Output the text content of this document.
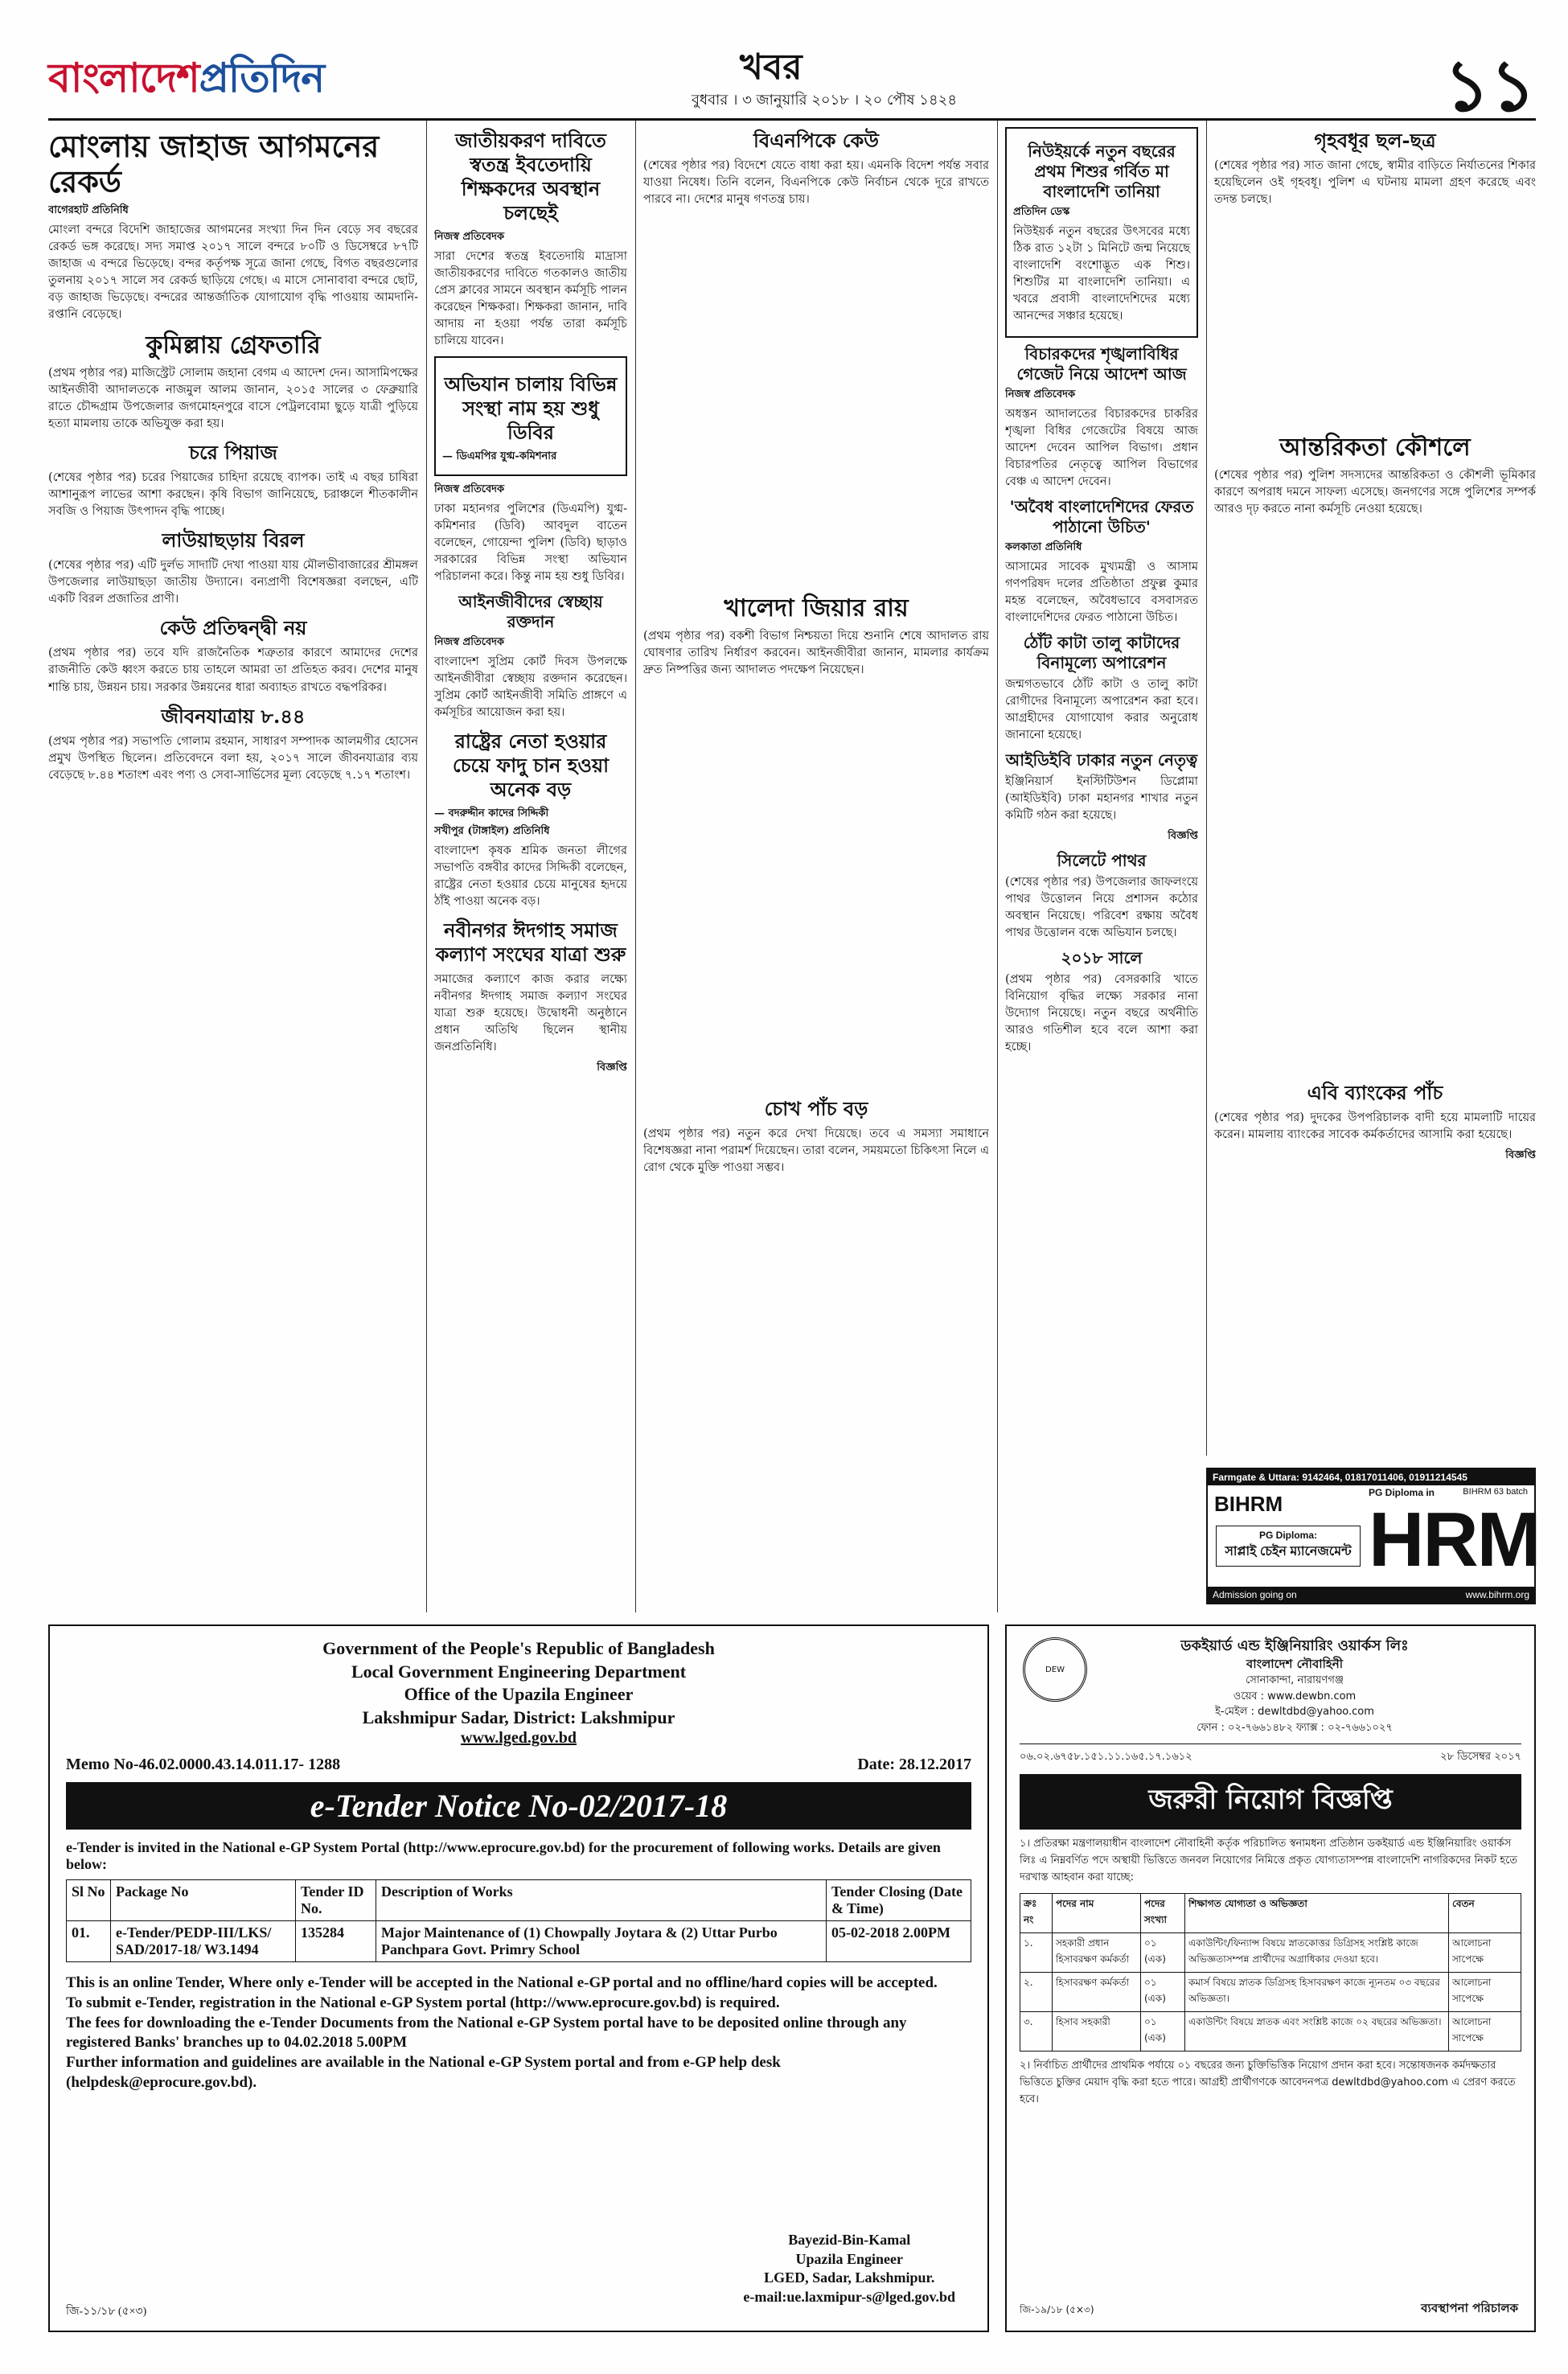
বাংলাদেশপ্রতিদিন	খবর
বুধবার । ৩ জানুয়ারি ২০১৮ । ২০ পৌষ ১৪২৪	১১
মোংলায় জাহাজ আগমনের রেকর্ড
বাগেরহাট প্রতিনিধি

মোংলা বন্দরে বিদেশি জাহাজের আগমনের সংখ্যা দিন দিন বেড়ে সব বছরের রেকর্ড ভঙ্গ করেছে। সদ্য সমাপ্ত ২০১৭ সালে বন্দরে ৮০টি ও ডিসেম্বরে ৮৭টি জাহাজ এ বন্দরে ভিড়েছে। বন্দর কর্তৃপক্ষ সূত্রে জানা গেছে, বিগত বছরগুলোর তুলনায় ২০১৭ সালে সব রেকর্ড ছাড়িয়ে গেছে। এ মাসে সোনাবাবা বন্দরে ছোট, বড় জাহাজ ভিড়েছে। বন্দরের আন্তর্জাতিক যোগাযোগ বৃদ্ধি পাওয়ায় আমদানি-রপ্তানি বেড়েছে।

কুমিল্লায় গ্রেফতারি

(প্রথম পৃষ্ঠার পর) মাজিস্ট্রেট সোলাম জহানা বেগম এ আদেশ দেন। আসামিপক্ষের আইনজীবী আদালতকে নাজমুল আলম জানান, ২০১৫ সালের ৩ ফেব্রুয়ারি রাতে চৌদ্দগ্রাম উপজেলার জগমোহনপুরে বাসে পেট্রলবোমা ছুড়ে যাত্রী পুড়িয়ে হত্যা মামলায় তাকে অভিযুক্ত করা হয়।

চরে পিয়াজ

(শেষের পৃষ্ঠার পর) চরের পিয়াজের চাহিদা রয়েছে ব্যাপক। তাই এ বছর চাষিরা আশানুরূপ লাভের আশা করছেন। কৃষি বিভাগ জানিয়েছে, চরাঞ্চলে শীতকালীন সবজি ও পিয়াজ উৎপাদন বৃদ্ধি পাচ্ছে।

লাউয়াছড়ায় বিরল

(শেষের পৃষ্ঠার পর) এটি দুর্লভ সাদাটি দেখা পাওয়া যায় মৌলভীবাজারের শ্রীমঙ্গল উপজেলার লাউয়াছড়া জাতীয় উদ্যানে। বন্যপ্রাণী বিশেষজ্ঞরা বলছেন, এটি একটি বিরল প্রজাতির প্রাণী।

কেউ প্রতিদ্বন্দ্বী নয়

(প্রথম পৃষ্ঠার পর) তবে যদি রাজনৈতিক শত্রুতার কারণে আমাদের দেশের রাজনীতি কেউ ধ্বংস করতে চায় তাহলে আমরা তা প্রতিহত করব। দেশের মানুষ শান্তি চায়, উন্নয়ন চায়। সরকার উন্নয়নের ধারা অব্যাহত রাখতে বদ্ধপরিকর।

জীবনযাত্রায় ৮.৪৪

(প্রথম পৃষ্ঠার পর) সভাপতি গোলাম রহমান, সাধারণ সম্পাদক আলমগীর হোসেন প্রমুখ উপস্থিত ছিলেন। প্রতিবেদনে বলা হয়, ২০১৭ সালে জীবনযাত্রার ব্যয় বেড়েছে ৮.৪৪ শতাংশ এবং পণ্য ও সেবা-সার্ভিসের মূল্য বেড়েছে ৭.১৭ শতাংশ।

জাতীয়করণ দাবিতে স্বতন্ত্র ইবতেদায়ি শিক্ষকদের অবস্থান চলছেই
নিজস্ব প্রতিবেদক

সারা দেশের স্বতন্ত্র ইবতেদায়ি মাদ্রাসা জাতীয়করণের দাবিতে গতকালও জাতীয় প্রেস ক্লাবের সামনে অবস্থান কর্মসূচি পালন করেছেন শিক্ষকরা। শিক্ষকরা জানান, দাবি আদায় না হওয়া পর্যন্ত তারা কর্মসূচি চালিয়ে যাবেন।

অভিযান চালায় বিভিন্ন সংস্থা নাম হয় শুধু ডিবির
— ডিএমপির যুগ্ম-কমিশনার
নিজস্ব প্রতিবেদক

ঢাকা মহানগর পুলিশের (ডিএমপি) যুগ্ম-কমিশনার (ডিবি) আবদুল বাতেন বলেছেন, গোয়েন্দা পুলিশ (ডিবি) ছাড়াও সরকারের বিভিন্ন সংস্থা অভিযান পরিচালনা করে। কিন্তু নাম হয় শুধু ডিবির।

আইনজীবীদের স্বেচ্ছায় রক্তদান
নিজস্ব প্রতিবেদক

বাংলাদেশ সুপ্রিম কোর্ট দিবস উপলক্ষে আইনজীবীরা স্বেচ্ছায় রক্তদান করেছেন। সুপ্রিম কোর্ট আইনজীবী সমিতি প্রাঙ্গণে এ কর্মসূচির আয়োজন করা হয়।

রাষ্ট্রের নেতা হওয়ার চেয়ে ফাদু চান হওয়া অনেক বড়
— বদরুদ্দীন কাদের সিদ্দিকী
সখীপুর (টাঙ্গাইল) প্রতিনিধি

বাংলাদেশ কৃষক শ্রমিক জনতা লীগের সভাপতি বঙ্গবীর কাদের সিদ্দিকী বলেছেন, রাষ্ট্রের নেতা হওয়ার চেয়ে মানুষের হৃদয়ে ঠাঁই পাওয়া অনেক বড়।

নবীনগর ঈদগাহ সমাজ কল্যাণ সংঘের যাত্রা শুরু

সমাজের কল্যাণে কাজ করার লক্ষ্যে নবীনগর ঈদগাহ সমাজ কল্যাণ সংঘের যাত্রা শুরু হয়েছে। উদ্বোধনী অনুষ্ঠানে প্রধান অতিথি ছিলেন স্থানীয় জনপ্রতিনিধি।

বিজ্ঞপ্তি
বিএনপিকে কেউ

(শেষের পৃষ্ঠার পর) বিদেশে যেতে বাধা করা হয়। এমনকি বিদেশ পর্যন্ত সবার যাওয়া নিষেধ। তিনি বলেন, বিএনপিকে কেউ নির্বাচন থেকে দূরে রাখতে পারবে না। দেশের মানুষ গণতন্ত্র চায়।

খালেদা জিয়ার রায়

(প্রথম পৃষ্ঠার পর) বকশী বিভাগ নিশ্চয়তা দিয়ে শুনানি শেষে আদালত রায় ঘোষণার তারিখ নির্ধারণ করবেন। আইনজীবীরা জানান, মামলার কার্যক্রম দ্রুত নিষ্পত্তির জন্য আদালত পদক্ষেপ নিয়েছেন।

চোখ পাঁচ বড়

(প্রথম পৃষ্ঠার পর) নতুন করে দেখা দিয়েছে। তবে এ সমস্যা সমাধানে বিশেষজ্ঞরা নানা পরামর্শ দিয়েছেন। তারা বলেন, সময়মতো চিকিৎসা নিলে এ রোগ থেকে মুক্তি পাওয়া সম্ভব।

নিউইয়র্কে নতুন বছরের প্রথম শিশুর গর্বিত মা বাংলাদেশি তানিয়া
প্রতিদিন ডেস্ক

নিউইয়র্ক নতুন বছরের উৎসবের মধ্যে ঠিক রাত ১২টা ১ মিনিটে জন্ম নিয়েছে বাংলাদেশি বংশোদ্ভূত এক শিশু। শিশুটির মা বাংলাদেশি তানিয়া। এ খবরে প্রবাসী বাংলাদেশিদের মধ্যে আনন্দের সঞ্চার হয়েছে।

বিচারকদের শৃঙ্খলাবিধির গেজেট নিয়ে আদেশ আজ
নিজস্ব প্রতিবেদক

অধস্তন আদালতের বিচারকদের চাকরির শৃঙ্খলা বিধির গেজেটের বিষয়ে আজ আদেশ দেবেন আপিল বিভাগ। প্রধান বিচারপতির নেতৃত্বে আপিল বিভাগের বেঞ্চ এ আদেশ দেবেন।

'অবৈধ বাংলাদেশিদের ফেরত পাঠানো উচিত'
কলকাতা প্রতিনিধি

আসামের সাবেক মুখ্যমন্ত্রী ও আসাম গণপরিষদ দলের প্রতিষ্ঠাতা প্রফুল্ল কুমার মহন্ত বলেছেন, অবৈধভাবে বসবাসরত বাংলাদেশিদের ফেরত পাঠানো উচিত।

ঠোঁট কাটা তালু কাটাদের বিনামূল্যে অপারেশন

জন্মগতভাবে ঠোঁট কাটা ও তালু কাটা রোগীদের বিনামূল্যে অপারেশন করা হবে। আগ্রহীদের যোগাযোগ করার অনুরোধ জানানো হয়েছে।

আইডিইবি ঢাকার নতুন নেতৃত্ব

ইঞ্জিনিয়ার্স ইনস্টিটিউশন ডিপ্লোমা (আইডিইবি) ঢাকা মহানগর শাখার নতুন কমিটি গঠন করা হয়েছে।

বিজ্ঞপ্তি
সিলেটে পাথর

(শেষের পৃষ্ঠার পর) উপজেলার জাফলংয়ে পাথর উত্তোলন নিয়ে প্রশাসন কঠোর অবস্থান নিয়েছে। পরিবেশ রক্ষায় অবৈধ পাথর উত্তোলন বন্ধে অভিযান চলছে।

২০১৮ সালে

(প্রথম পৃষ্ঠার পর) বেসরকারি খাতে বিনিয়োগ বৃদ্ধির লক্ষ্যে সরকার নানা উদ্যোগ নিয়েছে। নতুন বছরে অর্থনীতি আরও গতিশীল হবে বলে আশা করা হচ্ছে।

গৃহবধূর ছল-ছত্র

(শেষের পৃষ্ঠার পর) সাত জানা গেছে, স্বামীর বাড়িতে নির্যাতনের শিকার হয়েছিলেন ওই গৃহবধূ। পুলিশ এ ঘটনায় মামলা গ্রহণ করেছে এবং তদন্ত চলছে।

আন্তরিকতা কৌশলে

(শেষের পৃষ্ঠার পর) পুলিশ সদস্যদের আন্তরিকতা ও কৌশলী ভূমিকার কারণে অপরাধ দমনে সাফল্য এসেছে। জনগণের সঙ্গে পুলিশের সম্পর্ক আরও দৃঢ় করতে নানা কর্মসূচি নেওয়া হয়েছে।

এবি ব্যাংকের পাঁচ

(শেষের পৃষ্ঠার পর) দুদকের উপপরিচালক বাদী হয়ে মামলাটি দায়ের করেন। মামলায় ব্যাংকের সাবেক কর্মকর্তাদের আসামি করা হয়েছে।

বিজ্ঞপ্তি
Farmgate & Uttara: 9142464, 01817011406, 01911214545
BIHRM	PG Diploma in	BIHRM 63 batch
HRM
PG Diploma:
সাপ্লাই চেইন ম্যানেজমেন্ট
Admission going on	www.bihrm.org
Government of the People's Republic of Bangladesh
Local Government Engineering Department
Office of the Upazila Engineer
Lakshmipur Sadar, District: Lakshmipur
www.lged.gov.bd
Memo No-46.02.0000.43.14.011.17- 1288	Date: 28.12.2017
e-Tender Notice No-02/2017-18
e-Tender is invited in the National e-GP System Portal (http://www.eprocure.gov.bd) for the procurement of following works. Details are given below:
Sl No	Package No	Tender ID No.	Description of Works	Tender Closing (Date & Time)
01.	e-Tender/PEDP-III/LKS/ SAD/2017-18/ W3.1494	135284	Major Maintenance of (1) Chowpally Joytara & (2) Uttar Purbo Panchpara Govt. Primry School	05-02-2018 2.00PM

This is an online Tender, Where only e-Tender will be accepted in the National e-GP portal and no offline/hard copies will be accepted.

To submit e-Tender, registration in the National e-GP System portal (http://www.eprocure.gov.bd) is required.

The fees for downloading the e-Tender Documents from the National e-GP System portal have to be deposited online through any registered Banks' branches up to 04.02.2018 5.00PM

Further information and guidelines are available in the National e-GP System portal and from e-GP help desk (helpdesk@eprocure.gov.bd).

Bayezid-Bin-Kamal
Upazila Engineer
LGED, Sadar, Lakshmipur.
e-mail:ue.laxmipur-s@lged.gov.bd
জি-১১/১৮ (৫×৩)
DEW
ডকইয়ার্ড এন্ড ইঞ্জিনিয়ারিং ওয়ার্কস লিঃ
বাংলাদেশ নৌবাহিনী
সোনাকান্দা, নারায়ণগঞ্জ
ওয়েব : www.dewbn.com
ই-মেইল : dewltdbd@yahoo.com
ফোন : ০২-৭৬৬১৪৮২ ফ্যাক্স : ০২-৭৬৬১০২৭
০৬.০২.৬৭৫৮.১৫১.১১.১৬৫.১৭.১৬১২	২৮ ডিসেম্বর ২০১৭
জরুরী নিয়োগ বিজ্ঞপ্তি

১। প্রতিরক্ষা মন্ত্রণালয়াধীন বাংলাদেশ নৌবাহিনী কর্তৃক পরিচালিত স্বনামধন্য প্রতিষ্ঠান ডকইয়ার্ড এন্ড ইঞ্জিনিয়ারিং ওয়ার্কস লিঃ এ নিম্নবর্ণিত পদে অস্থায়ী ভিত্তিতে জনবল নিয়োগের নিমিত্তে প্রকৃত যোগ্যতাসম্পন্ন বাংলাদেশি নাগরিকদের নিকট হতে দরখাস্ত আহবান করা যাচ্ছে:

ক্রঃ নং	পদের নাম	পদের সংখ্যা	শিক্ষাগত যোগ্যতা ও অভিজ্ঞতা	বেতন
১.	সহকারী প্রধান হিসাবরক্ষণ কর্মকর্তা	০১ (এক)	একাউন্টিং/ফিন্যান্স বিষয়ে স্নাতকোত্তর ডিগ্রিসহ সংশ্লিষ্ট কাজে অভিজ্ঞতাসম্পন্ন প্রার্থীদের অগ্রাধিকার দেওয়া হবে।	আলোচনা সাপেক্ষে
২.	হিসাবরক্ষণ কর্মকর্তা	০১ (এক)	কমার্স বিষয়ে স্নাতক ডিগ্রিসহ হিসাবরক্ষণ কাজে ন্যূনতম ০৩ বছরের অভিজ্ঞতা।	আলোচনা সাপেক্ষে
৩.	হিসাব সহকারী	০১ (এক)	একাউন্টিং বিষয়ে স্নাতক এবং সংশ্লিষ্ট কাজে ০২ বছরের অভিজ্ঞতা।	আলোচনা সাপেক্ষে

২। নির্বাচিত প্রার্থীদের প্রাথমিক পর্যায়ে ০১ বছরের জন্য চুক্তিভিত্তিক নিয়োগ প্রদান করা হবে। সন্তোষজনক কর্মদক্ষতার ভিত্তিতে চুক্তির মেয়াদ বৃদ্ধি করা হতে পারে। আগ্রহী প্রার্থীগণকে আবেদনপত্র dewltdbd@yahoo.com এ প্রেরণ করতে হবে।

জি-১৯/১৮ (৫×৩)	ব্যবস্থাপনা পরিচালক
